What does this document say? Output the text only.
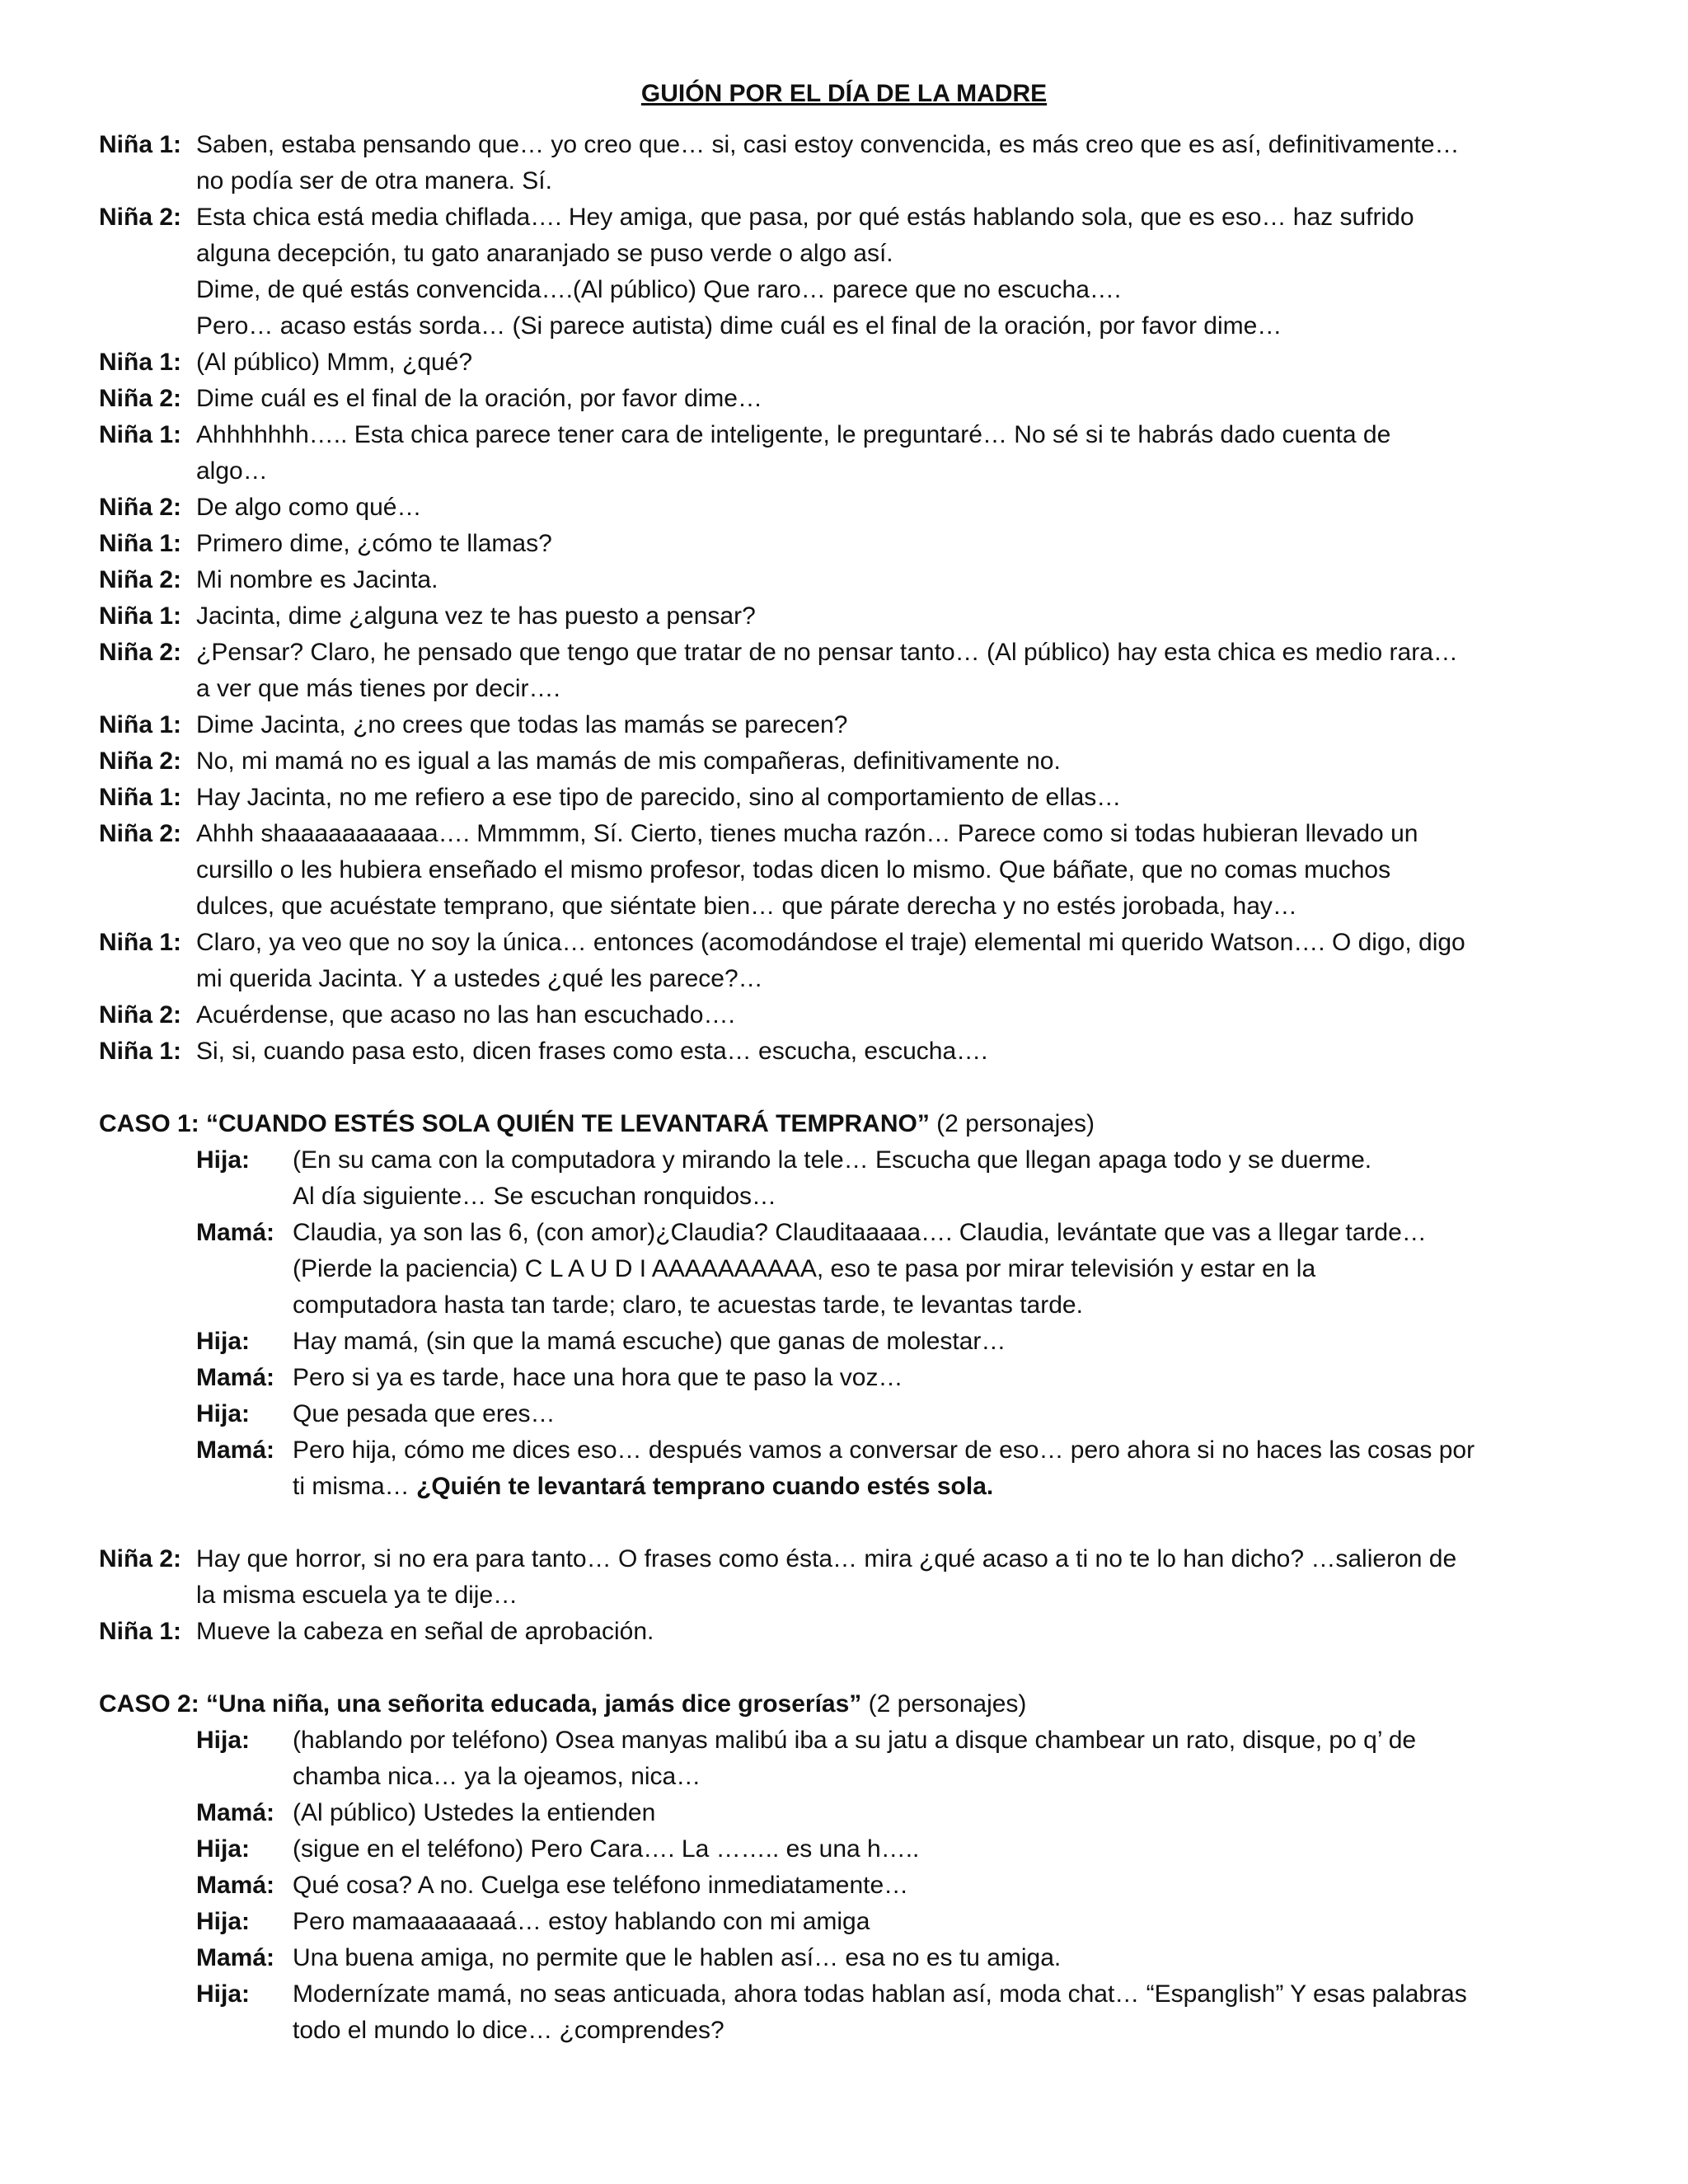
GUIÓN POR EL DÍA DE LA MADRE
Niña 1: Saben, estaba pensando que… yo creo que… si, casi estoy convencida, es más creo que es así, definitivamente…
no podía ser de otra manera. Sí.
Niña 2: Esta chica está media chiflada…. Hey amiga, que pasa, por qué estás hablando sola, que es eso… haz sufrido
alguna decepción, tu gato anaranjado se puso verde o algo así.
Dime, de qué estás convencida….(Al público) Que raro… parece que no escucha….
Pero… acaso estás sorda… (Si parece autista) dime cuál es el final de la oración, por favor dime…
Niña 1: (Al público) Mmm, ¿qué?
Niña 2: Dime cuál es el final de la oración, por favor dime…
Niña 1: Ahhhhhhh….. Esta chica parece tener cara de inteligente, le preguntaré… No sé si te habrás dado cuenta de
algo…
Niña 2: De algo como qué…
Niña 1: Primero dime, ¿cómo te llamas?
Niña 2: Mi nombre es Jacinta.
Niña 1: Jacinta, dime ¿alguna vez te has puesto a pensar?
Niña 2: ¿Pensar? Claro, he pensado que tengo que tratar de no pensar tanto… (Al público) hay esta chica es medio rara…
a ver que más tienes por decir….
Niña 1: Dime Jacinta, ¿no crees que todas las mamás se parecen?
Niña 2: No, mi mamá no es igual a las mamás de mis compañeras, definitivamente no.
Niña 1: Hay Jacinta, no me refiero a ese tipo de parecido, sino al comportamiento de ellas…
Niña 2: Ahhh shaaaaaaaaaaa…. Mmmmm, Sí. Cierto, tienes mucha razón… Parece como si todas hubieran llevado un
cursillo o les hubiera enseñado el mismo profesor, todas dicen lo mismo. Que báñate, que no comas muchos
dulces, que acuéstate temprano, que siéntate bien… que párate derecha y no estés jorobada, hay…
Niña 1: Claro, ya veo que no soy la única… entonces (acomodándose el traje) elemental mi querido Watson…. O digo, digo
mi querida Jacinta. Y a ustedes ¿qué les parece?…
Niña 2: Acuérdense, que acaso no las han escuchado….
Niña 1: Si, si, cuando pasa esto, dicen frases como esta… escucha, escucha….
CASO 1: “CUANDO ESTÉS SOLA QUIÉN TE LEVANTARÁ TEMPRANO” (2 personajes)
Hija:	(En su cama con la computadora y mirando la tele… Escucha que llegan apaga todo y se duerme.
Al día siguiente… Se escuchan ronquidos…
Mamá: Claudia, ya son las 6, (con amor)¿Claudia? Clauditaaaaa…. Claudia, levántate que vas a llegar tarde…
(Pierde la paciencia) C L A U D I AAAAAAAAAA, eso te pasa por mirar televisión y estar en la
computadora hasta tan tarde; claro, te acuestas tarde, te levantas tarde.
Hija:	Hay mamá, (sin que la mamá escuche) que ganas de molestar…
Mamá: Pero si ya es tarde, hace una hora que te paso la voz…
Hija:	Que pesada que eres…
Mamá: Pero hija, cómo me dices eso… después vamos a conversar de eso… pero ahora si no haces las cosas por
ti misma… ¿Quién te levantará temprano cuando estés sola.
Niña 2: Hay que horror, si no era para tanto… O frases como ésta… mira ¿qué acaso a ti no te lo han dicho? …salieron de
la misma escuela ya te dije…
Niña 1: Mueve la cabeza en señal de aprobación.
CASO 2: “Una niña, una señorita educada, jamás dice groserías” (2 personajes)
Hija:	(hablando por teléfono) Osea manyas malibú iba a su jatu a disque chambear un rato, disque, po q’ de
chamba nica… ya la ojeamos, nica…
Mamá: (Al público) Ustedes la entienden
Hija:	(sigue en el teléfono) Pero Cara…. La …….. es una h…..
Mamá: Qué cosa? A no. Cuelga ese teléfono inmediatamente…
Hija:	Pero mamaaaaaaaá… estoy hablando con mi amiga
Mamá: Una buena amiga, no permite que le hablen así… esa no es tu amiga.
Hija:	Modernízate mamá, no seas anticuada, ahora todas hablan así, moda chat… “Espanglish” Y esas palabras
todo el mundo lo dice… ¿comprendes?
